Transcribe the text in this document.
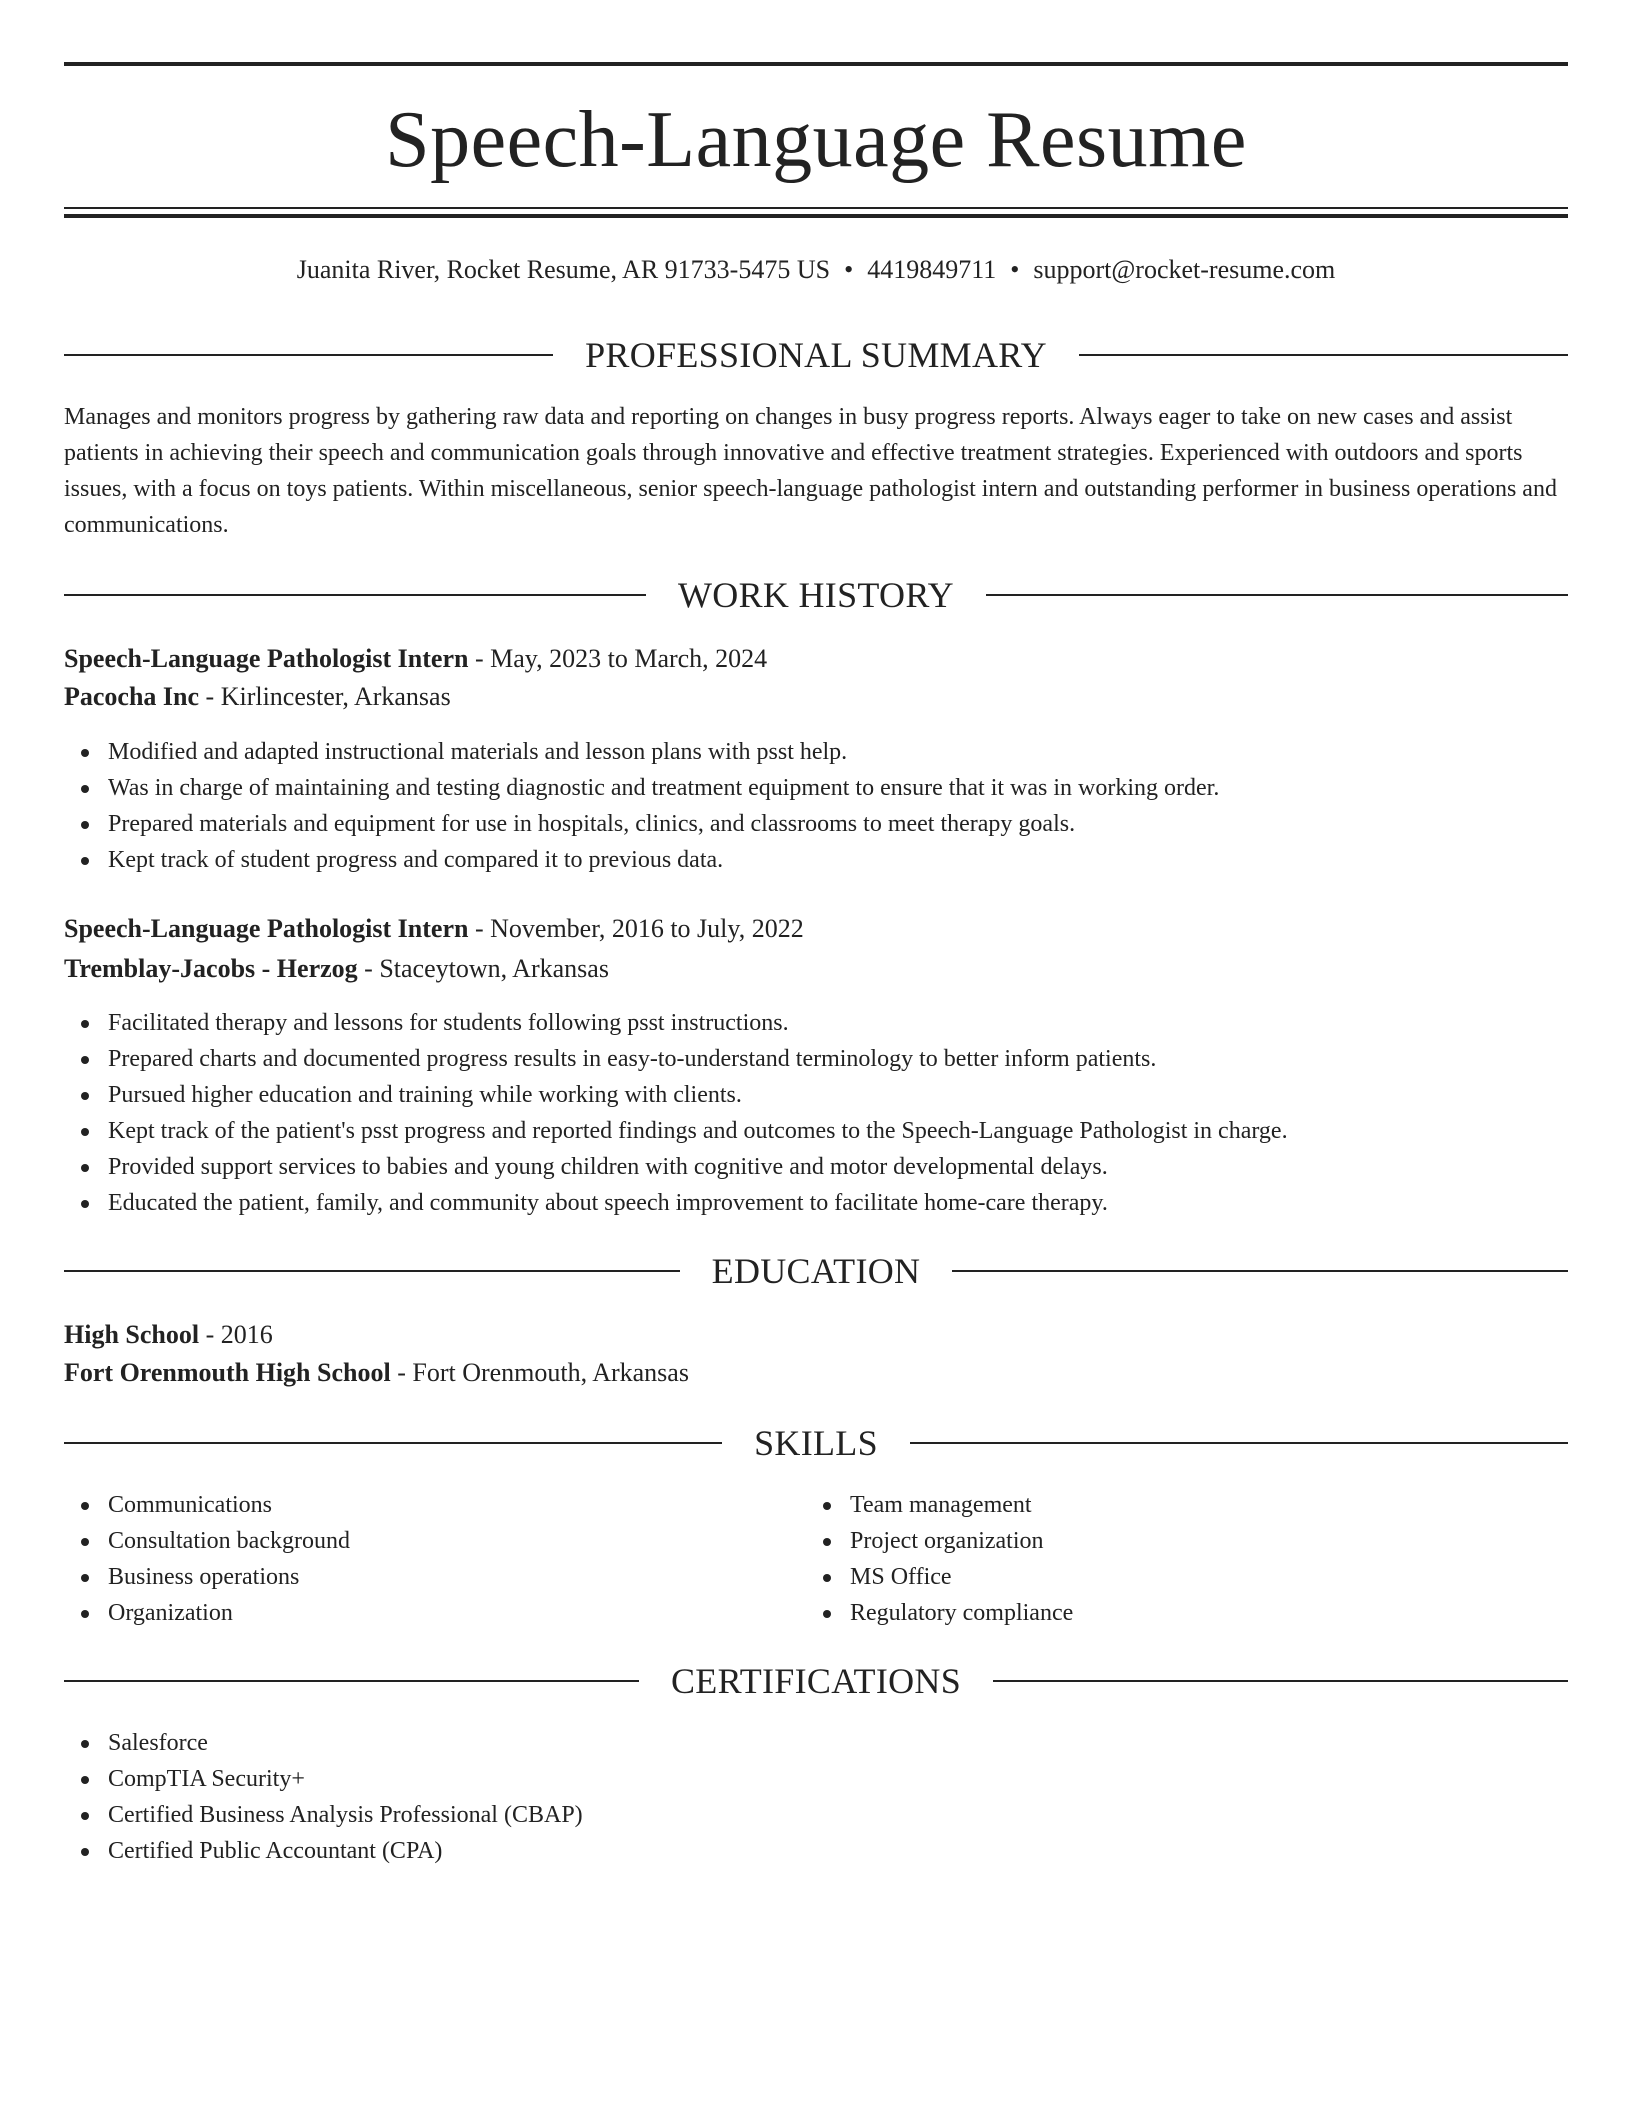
Speech-Language Resume
Juanita River, Rocket Resume, AR 91733-5475 US • 4419849711 • support@rocket-resume.com
PROFESSIONAL SUMMARY
Manages and monitors progress by gathering raw data and reporting on changes in busy progress reports. Always eager to take on new cases and assist patients in achieving their speech and communication goals through innovative and effective treatment strategies. Experienced with outdoors and sports issues, with a focus on toys patients. Within miscellaneous, senior speech-language pathologist intern and outstanding performer in business operations and communications.
WORK HISTORY
Speech-Language Pathologist Intern - May, 2023 to March, 2024
Pacocha Inc - Kirlincester, Arkansas
Modified and adapted instructional materials and lesson plans with psst help.
Was in charge of maintaining and testing diagnostic and treatment equipment to ensure that it was in working order.
Prepared materials and equipment for use in hospitals, clinics, and classrooms to meet therapy goals.
Kept track of student progress and compared it to previous data.
Speech-Language Pathologist Intern - November, 2016 to July, 2022
Tremblay-Jacobs - Herzog - Staceytown, Arkansas
Facilitated therapy and lessons for students following psst instructions.
Prepared charts and documented progress results in easy-to-understand terminology to better inform patients.
Pursued higher education and training while working with clients.
Kept track of the patient's psst progress and reported findings and outcomes to the Speech-Language Pathologist in charge.
Provided support services to babies and young children with cognitive and motor developmental delays.
Educated the patient, family, and community about speech improvement to facilitate home-care therapy.
EDUCATION
High School - 2016
Fort Orenmouth High School - Fort Orenmouth, Arkansas
SKILLS
Communications
Consultation background
Business operations
Organization
Team management
Project organization
MS Office
Regulatory compliance
CERTIFICATIONS
Salesforce
CompTIA Security+
Certified Business Analysis Professional (CBAP)
Certified Public Accountant (CPA)
